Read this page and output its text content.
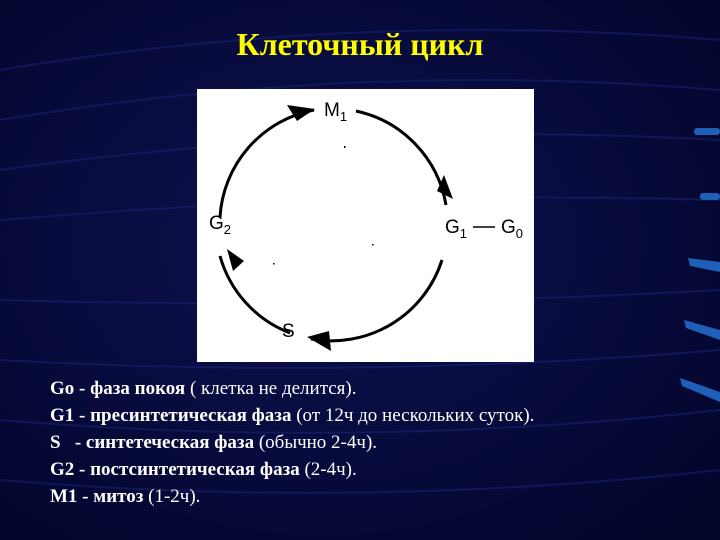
Клеточный цикл
$M_1$
$G_1$ $G_0$
$G_2$
S
Go - фаза покоя ( клетка не делится).
G1 - пресинтетическая фаза (от 12ч до нескольких суток).
S   - синтетеческая фаза (обычно 2-4ч).
G2 - постсинтетическая фаза (2-4ч).
M1 - митоз (1-2ч).
